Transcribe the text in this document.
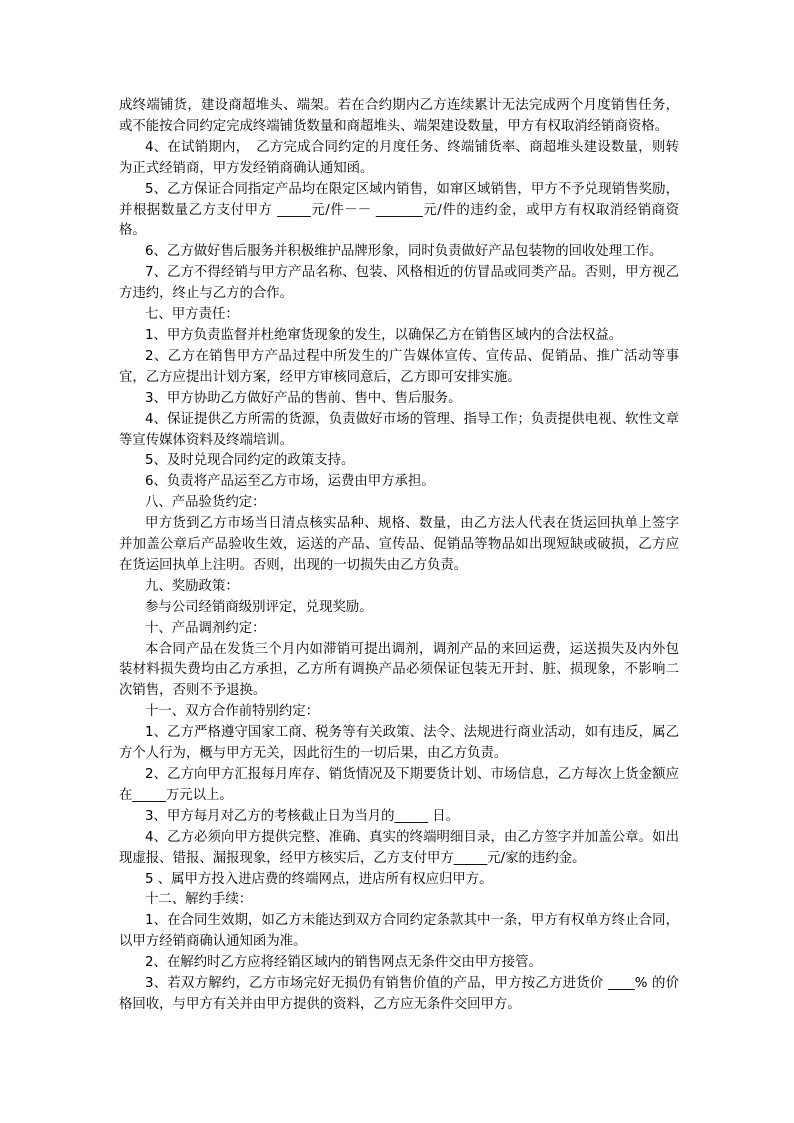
成终端铺货，建设商超堆头、端架。若在合约期内乙方连续累计无法完成两个月度销售任务，或不能按合同约定完成终端铺货数量和商超堆头、端架建设数量，甲方有权取消经销商资格。

4、在试销期内，　乙方完成合同约定的月度任务、终端铺货率、商超堆头建设数量，则转为正式经销商，甲方发经销商确认通知函。

5、乙方保证合同指定产品均在限定区域内销售，如窜区域销售，甲方不予兑现销售奖励，并根据数量乙方支付甲方 _____元/件－－ _______元/件的违约金，或甲方有权取消经销商资格。

6、乙方做好售后服务并积极维护品牌形象，同时负责做好产品包装物的回收处理工作。

7、乙方不得经销与甲方产品名称、包装、风格相近的仿冒品或同类产品。否则，甲方视乙方违约，终止与乙方的合作。

七、甲方责任：

1、甲方负责监督并杜绝窜货现象的发生，以确保乙方在销售区域内的合法权益。

2、乙方在销售甲方产品过程中所发生的广告媒体宣传、宣传品、促销品、推广活动等事宜，乙方应提出计划方案，经甲方审核同意后，乙方即可安排实施。

3、甲方协助乙方做好产品的售前、售中、售后服务。

4、保证提供乙方所需的货源，负责做好市场的管理、指导工作；负责提供电视、软性文章等宣传媒体资料及终端培训。

5、及时兑现合同约定的政策支持。

6、负责将产品运至乙方市场，运费由甲方承担。

八、产品验货约定：

甲方货到乙方市场当日清点核实品种、规格、数量，由乙方法人代表在货运回执单上签字并加盖公章后产品验收生效，运送的产品、宣传品、促销品等物品如出现短缺或破损，乙方应在货运回执单上注明。否则，出现的一切损失由乙方负责。

九、奖励政策：

参与公司经销商级别评定，兑现奖励。

十、产品调剂约定：

本合同产品在发货三个月内如滞销可提出调剂，调剂产品的来回运费，运送损失及内外包装材料损失费均由乙方承担，乙方所有调换产品必须保证包装无开封、脏、损现象，不影响二次销售，否则不予退换。

十一、双方合作前特别约定：

1、乙方严格遵守国家工商、税务等有关政策、法令、法规进行商业活动，如有违反，属乙方个人行为，概与甲方无关，因此衍生的一切后果，由乙方负责。

2、乙方向甲方汇报每月库存、销货情况及下期要货计划、市场信息，乙方每次上货金额应在_____万元以上。

3、甲方每月对乙方的考核截止日为当月的_____ 日。

4、乙方必须向甲方提供完整、准确、真实的终端明细目录，由乙方签字并加盖公章。如出现虚报、错报、漏报现象，经甲方核实后，乙方支付甲方_____元/家的违约金。

5 、属甲方投入进店费的终端网点，进店所有权应归甲方。

十二、解约手续：

1、在合同生效期，如乙方未能达到双方合同约定条款其中一条，甲方有权单方终止合同，以甲方经销商确认通知函为准。

2、在解约时乙方应将经销区域内的销售网点无条件交由甲方接管。

3、若双方解约，乙方市场完好无损仍有销售价值的产品，甲方按乙方进货价 ____% 的价格回收，与甲方有关并由甲方提供的资料，乙方应无条件交回甲方。
